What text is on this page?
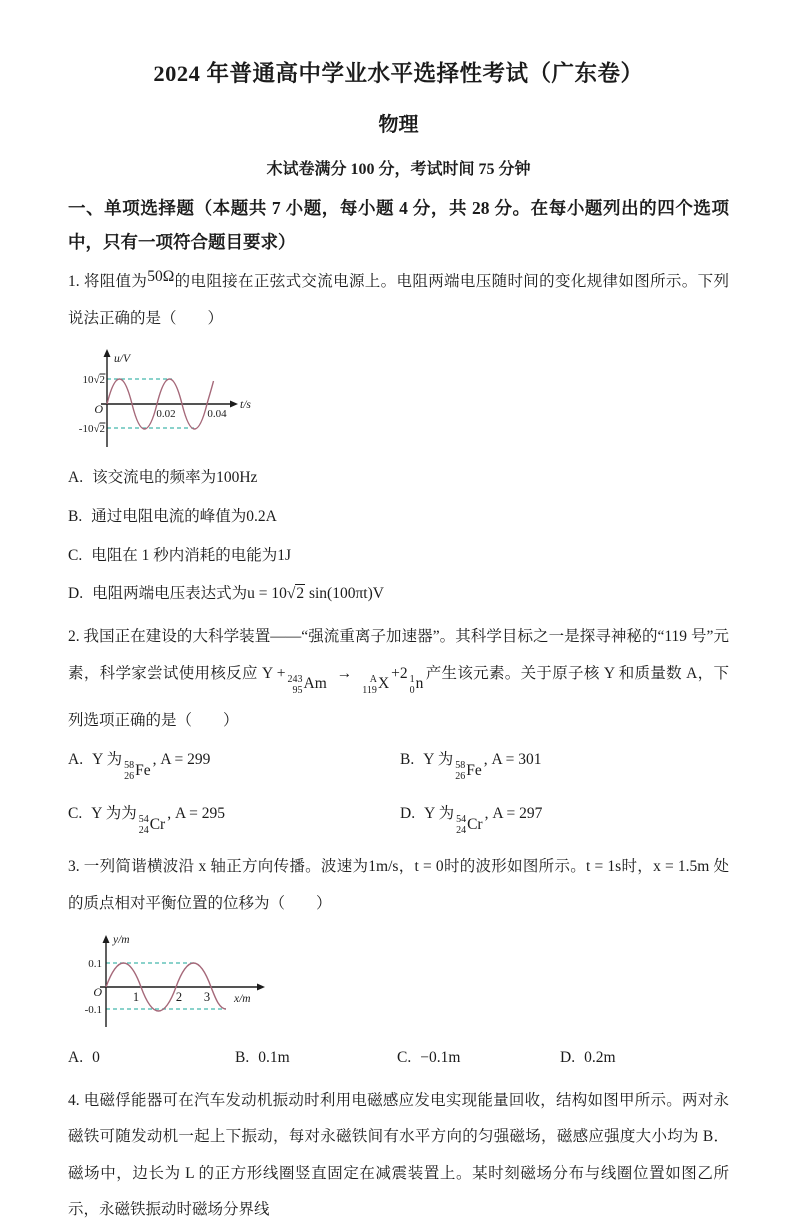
2024 年普通高中学业水平选择性考试（广东卷）
物理
木试卷满分 100 分，考试时间 75 分钟
一、单项选择题（本题共 7 小题，每小题 4 分，共 28 分。在每小题列出的四个选项中，只有一项符合题目要求）
1. 将阻值为50Ω的电阻接在正弦式交流电源上。电阻两端电压随时间的变化规律如图所示。下列说法正确的是（　　）
u/V
t/s
10√2
-10√2
O	0.02	0.04
A. 该交流电的频率为100Hz
B. 通过电阻电流的峰值为0.2A
C. 电阻在 1 秒内消耗的电能为1J
D. 电阻两端电压表达式为u = 10√2 sin(100πt)V
2. 我国正在建设的大科学装置——“强流重离子加速器”。其科学目标之一是探寻神秘的“119 号”元素，科学家尝试使用核反应 Y + 243
95 Am
→ A
119 X
+2 1
0 n
产生该元素。关于原子核 Y 和质量数 A，下列选项正确的是（　　）
A. Y 为 58
26 Fe
, A = 299	B. Y 为 58
26 Fe
, A = 301
C. Y 为为 54
24 Cr
, A = 295	D. Y 为 54
24 Cr
, A = 297
3. 一列简谐横波沿 x 轴正方向传播。波速为1m/s，t = 0时的波形如图所示。t = 1s时，x = 1.5m 处的质点相对平衡位置的位移为（　　）
y/m
x/m
0.1
-0.1
O 1	2 3
A. 0	B. 0.1m	C. −0.1m	D. 0.2m
4. 电磁俘能器可在汽车发动机振动时利用电磁感应发电实现能量回收，结构如图甲所示。两对永磁铁可随发动机一起上下振动，每对永磁铁间有水平方向的匀强磁场，磁感应强度大小均为 B．磁场中，边长为 L 的正方形线圈竖直固定在减震装置上。某时刻磁场分布与线圈位置如图乙所示，永磁铁振动时磁场分界线
